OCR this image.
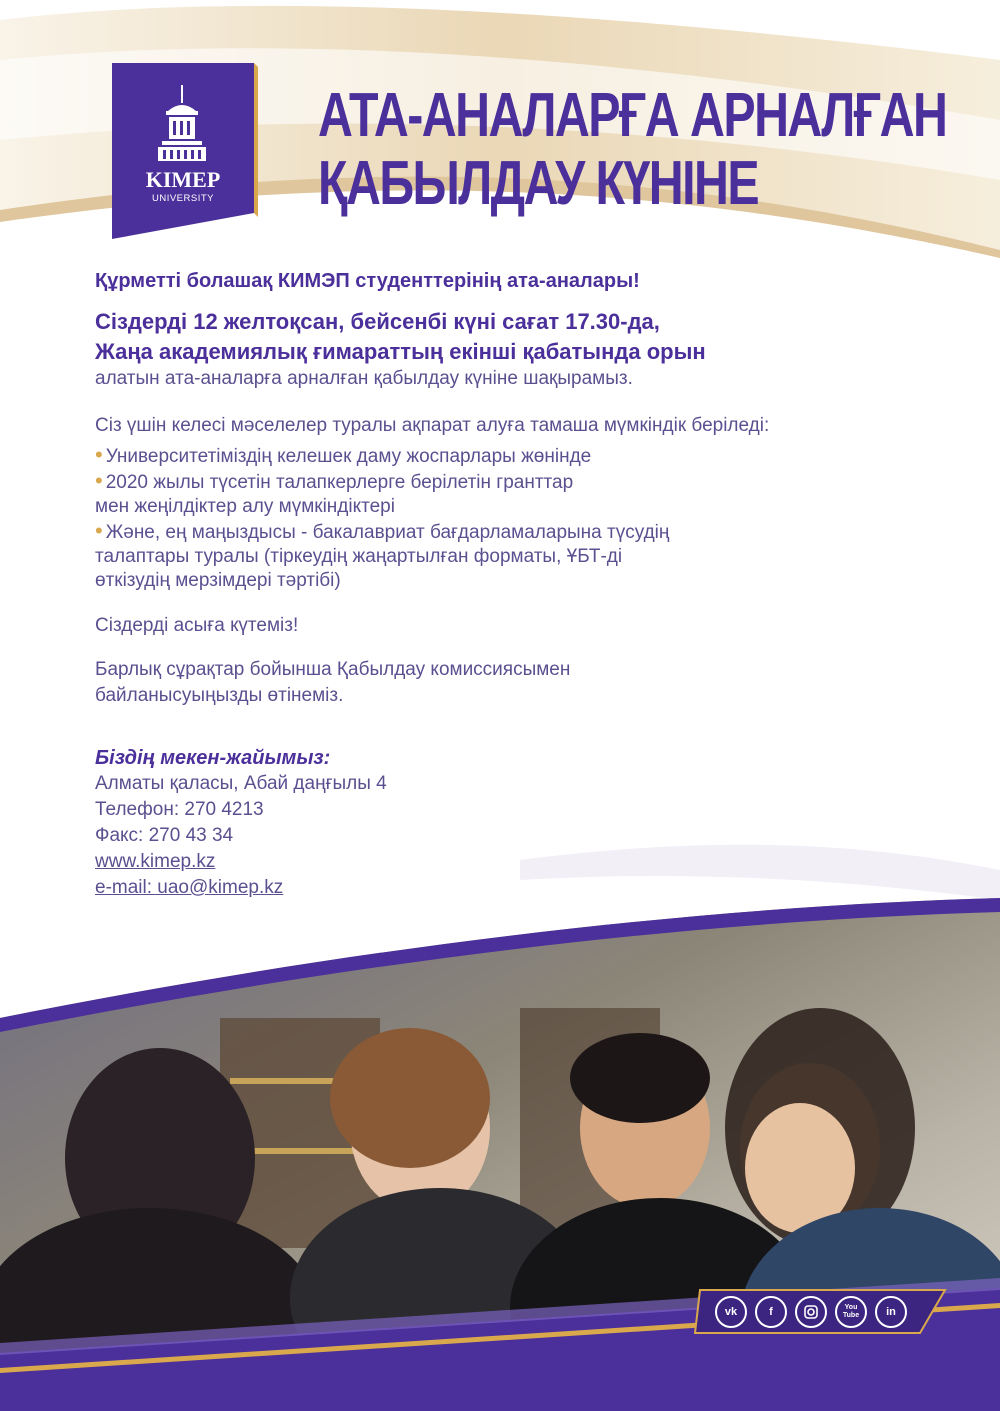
KIMEP
UNIVERSITY
АТА-АНАЛАРҒА АРНАЛҒАН
ҚАБЫЛДАУ КҮНІНЕ

Құрметті болашақ КИМЭП студенттерінің ата-аналары!

Сіздерді 12 желтоқсан, бейсенбі күні сағат 17.30-да,
Жаңа академиялық ғимараттың екінші қабатында орын
алатын ата-аналарға арналған қабылдау күніне шақырамыз.
Сіз үшін келесі мәселелер туралы ақпарат алуға тамаша мүмкіндік беріледі:
• Университетіміздің келешек даму жоспарлары жөнінде
• 2020 жылы түсетін талапкерлерге берілетін гранттар
мен жеңілдіктер алу мүмкіндіктері
• Және, ең маңыздысы - бакалавриат бағдарламаларына түсудің
талаптары туралы (тіркеудің жаңартылған форматы, ҰБТ-ді
өткізудің мерзімдері тәртібі)
Сіздерді асыға күтеміз!
Барлық сұрақтар бойынша Қабылдау комиссиясымен
байланысуыңызды өтінеміз.
Біздің мекен-жайымыз:
Алматы қаласы, Абай даңғылы 4
Телефон: 270 4213
Факс: 270 43 34
www.kimep.kz
e-mail: uao@kimep.kz
vk	f	You Tube	in
